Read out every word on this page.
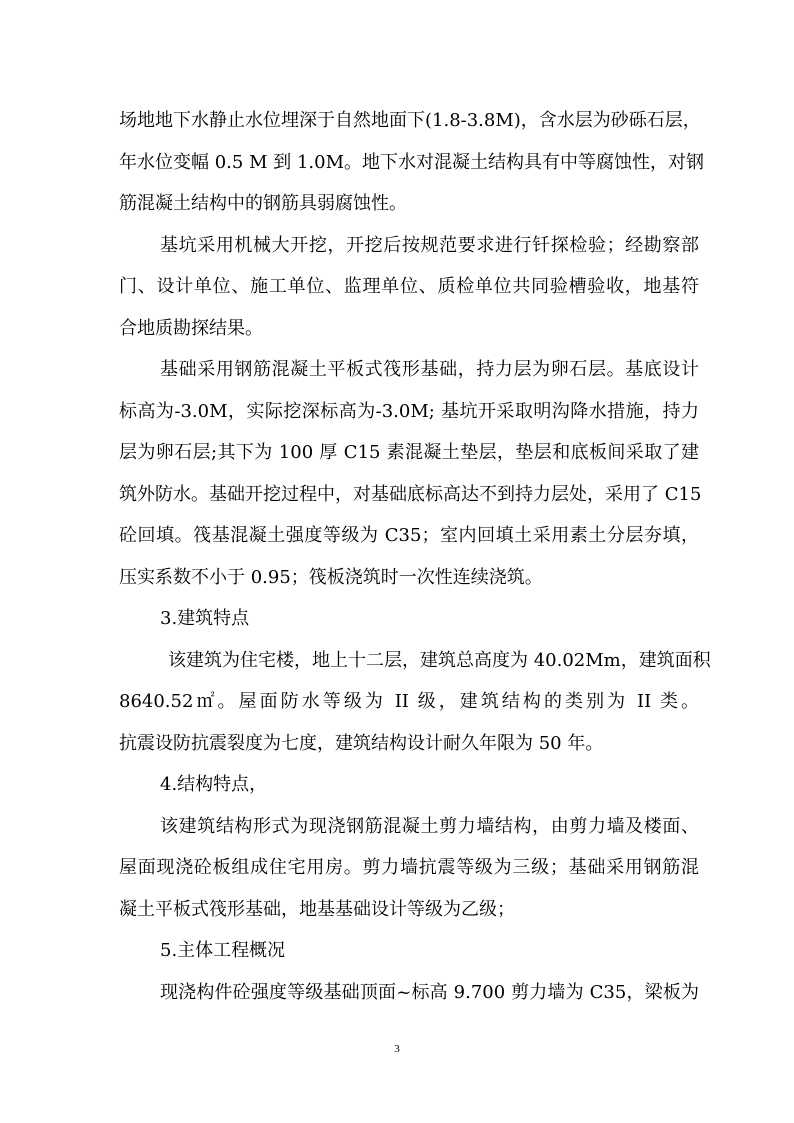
场地地下水静止水位埋深于自然地面下(1.8-3.8M)，含水层为砂砾石层，
年水位变幅 0.5 M 到 1.0M。地下水对混凝土结构具有中等腐蚀性，对钢
筋混凝土结构中的钢筋具弱腐蚀性。
基坑采用机械大开挖，开挖后按规范要求进行钎探检验；经勘察部
门、设计单位、施工单位、监理单位、质检单位共同验槽验收，地基符
合地质勘探结果。
基础采用钢筋混凝土平板式筏形基础，持力层为卵石层。基底设计
标高为-3.0M，实际挖深标高为-3.0M; 基坑开采取明沟降水措施，持力
层为卵石层;其下为 100 厚 C15 素混凝土垫层，垫层和底板间采取了建
筑外防水。基础开挖过程中，对基础底标高达不到持力层处，采用了 C15
砼回填。筏基混凝土强度等级为 C35；室内回填土采用素土分层夯填，
压实系数不小于 0.95；筏板浇筑时一次性连续浇筑。
3.建筑特点
该建筑为住宅楼，地上十二层，建筑总高度为 40.02Mm，建筑面积
8640.52㎡。屋面防水等级为 II 级，建筑结构的类别为 II 类。
抗震设防抗震裂度为七度，建筑结构设计耐久年限为 50 年。
4.结构特点，
该建筑结构形式为现浇钢筋混凝土剪力墙结构，由剪力墙及楼面、
屋面现浇砼板组成住宅用房。剪力墙抗震等级为三级；基础采用钢筋混
凝土平板式筏形基础，地基基础设计等级为乙级；
5.主体工程概况
现浇构件砼强度等级基础顶面~标高 9.700 剪力墙为 C35，梁板为
3
